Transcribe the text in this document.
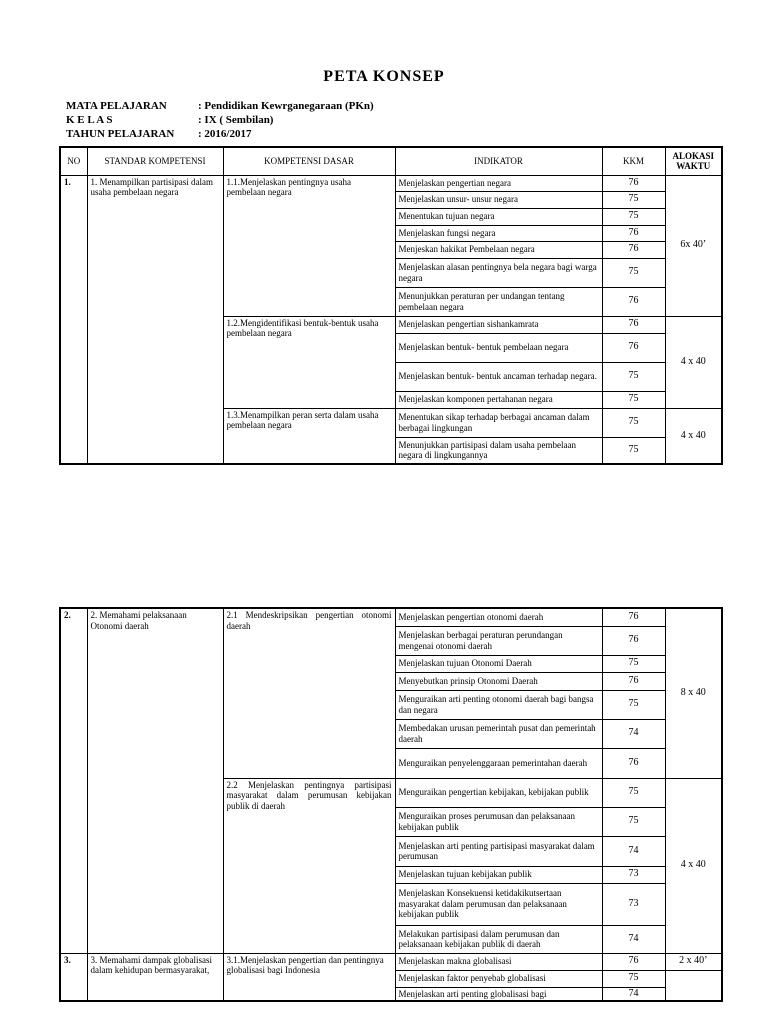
PETA KONSEP
MATA PELAJARAN	: Pendidikan Kewrganegaraan (PKn)
K E L A S	: IX ( Sembilan)
TAHUN PELAJARAN	: 2016/2017
NO	STANDAR KOMPETENSI	KOMPETENSI DASAR	INDIKATOR	KKM	ALOKASI WAKTU
1.	1. Menampilkan partisipasi dalam usaha pembelaan negara	1.1.Menjelaskan pentingnya usaha pembelaan negara	Menjelaskan pengertian negara	76	6x 40’
			Menjelaskan unsur- unsur negara	75	
			Menentukan tujuan negara	75	
			Menjelaskan fungsi negara	76	
			Menjeskan hakikat Pembelaan negara	76	
			Menjelaskan alasan pentingnya bela negara bagi warga negara	75	
			Menunjukkan peraturan per undangan tentang pembelaan negara	76	
		1.2.Mengidentifikasi bentuk-bentuk usaha pembelaan negara	Menjelaskan pengertian sishankamrata	76	4 x 40
			Menjelaskan bentuk- bentuk pembelaan negara	76	
			Menjelaskan bentuk- bentuk ancaman terhadap negara.	75	
			Menjelaskan komponen pertahanan negara	75	
		1.3.Menampilkan peran serta dalam usaha pembelaan negara	Menentukan sikap terhadap berbagai ancaman dalam berbagai lingkungan	75	4 x 40
			Menunjukkan partisipasi dalam usaha pembelaan negara di lingkungannya	75	
2.	2. Memahami pelaksanaan Otonomi daerah	2.1 Mendeskripsikan pengertian otonomi daerah	Menjelaskan pengertian otonomi daerah	76	8 x 40
			Menjelaskan berbagai peraturan perundangan mengenai otonomi daerah	76	
			Menjelaskan tujuan Otonomi Daerah	75	
			Menyebutkan prinsip Otonomi Daerah	76	
			Menguraikan arti penting otonomi daerah bagi bangsa dan negara	75	
			Membedakan urusan pemerintah pusat dan pemerintah daerah	74	
			Menguraikan penyelenggaraan pemerintahan daerah	76	
		2.2 Menjelaskan pentingnya partisipasi masyarakat dalam perumusan kebijakan publik di daerah	Menguraikan pengertian kebijakan, kebijakan publik	75	4 x 40
			Menguraikan proses perumusan dan pelaksanaan kebijakan publik	75	
			Menjelaskan arti penting partisipasi masyarakat dalam perumusan	74	
			Menjelaskan tujuan kebijakan publik	73	
			Menjelaskan Konsekuensi ketidakikutsertaan masyarakat dalam perumusan dan pelaksanaan kebijakan publik	73	
			Melakukan partisipasi dalam perumusan dan pelaksanaan kebijakan publik di daerah	74	
3.	3. Memahami dampak globalisasi dalam kehidupan bermasyarakat,	3.1.Menjelaskan pengertian dan pentingnya globalisasi bagi Indonesia	Menjelaskan makna globalisasi	76	2 x 40’
			Menjelaskan faktor penyebab globalisasi	75	
			Menjelaskan arti penting globalisasi bagi	74	
